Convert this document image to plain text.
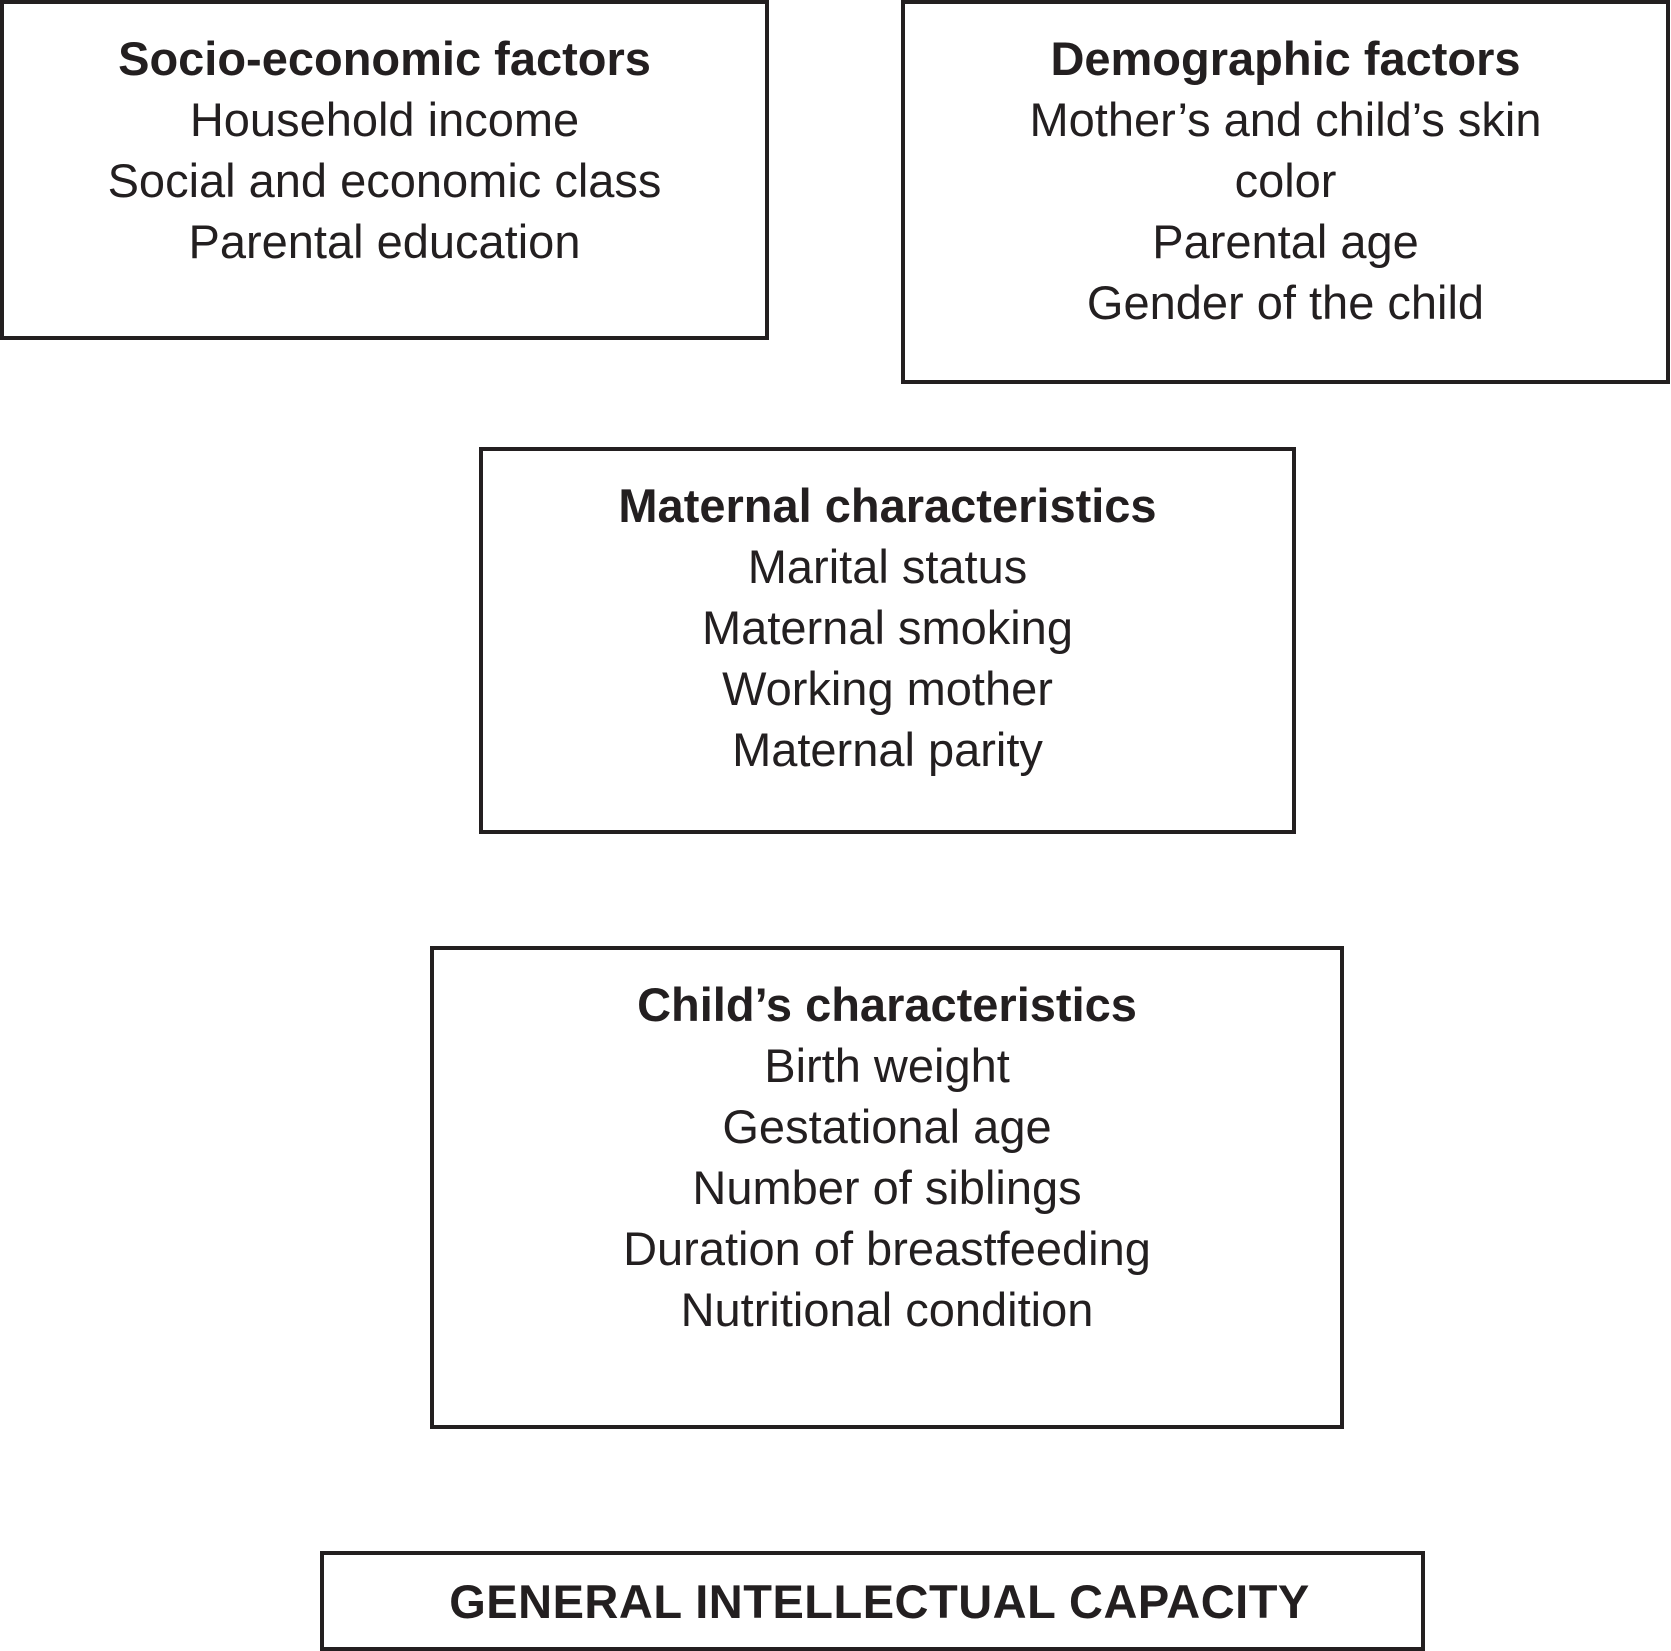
Socio-economic factors

Household income

Social and economic class

Parental education

Demographic factors

Mother’s and child’s skin color

Parental age

Gender of the child

Maternal characteristics

Marital status

Maternal smoking

Working mother

Maternal parity

Child’s characteristics

Birth weight

Gestational age

Number of siblings

Duration of breastfeeding

Nutritional condition

GENERAL INTELLECTUAL CAPACITY
